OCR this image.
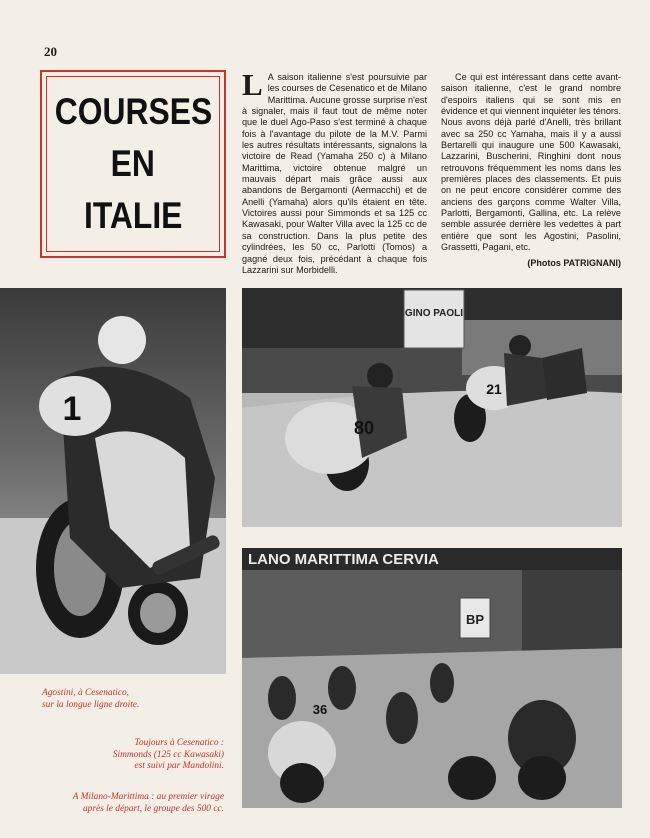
20
COURSES
EN
ITALIE
L A saison italienne s'est poursuivie par les courses de Cesenatico et de Milano Marittima. Aucune grosse surprise n'est à signaler, mais il faut tout de même noter que le duel Ago-Paso s'est terminé à chaque fois à l'avantage du pilote de la M.V. Parmi les autres résultats intéressants, signalons la victoire de Read (Yamaha 250 c) à Milano Marittima, victoire obtenue malgré un mauvais départ mais grâce aussi aux abandons de Bergamonti (Aermacchi) et de Anelli (Yamaha) alors qu'ils étaient en tête. Victoires aussi pour Simmonds et sa 125 cc Kawasaki, pour Walter Villa avec la 125 cc de sa construction. Dans la plus petite des cylindrées, les 50 cc, Parlotti (Tomos) a gagné deux fois, précédant à chaque fois Lazzarini sur Morbidelli.
Ce qui est intéressant dans cette avant-saison italienne, c'est le grand nombre d'espoirs italiens qui se sont mis en évidence et qui viennent inquiéter les ténors. Nous avons déjà parlé d'Anelli, très brillant avec sa 250 cc Yamaha, mais il y a aussi Bertarelli qui inaugure une 500 Kawasaki, Lazzarini, Buscherini, Ringhini dont nous retrouvons fréquemment les noms dans les premières places des classements. Et puis on ne peut encore considérer comme des anciens des garçons comme Walter Villa, Parlotti, Bergamonti, Gallina, etc. La relève semble assurée derrière les vedettes à part entière que sont les Agostini, Pasolini, Grassetti, Pagani, etc.
(Photos PATRIGNANI)
1
GINO PAOLI
80
21
LANO MARITTIMA CERVIA
BP
36
Agostini, à Cesenatico,
sur la longue ligne droite.
Toujours à Cesenatico :
Simmonds (125 cc Kawasaki)
est suivi par Mandolini.
A Milano-Marittima : au premier virage
après le départ, le groupe des 500 cc.
